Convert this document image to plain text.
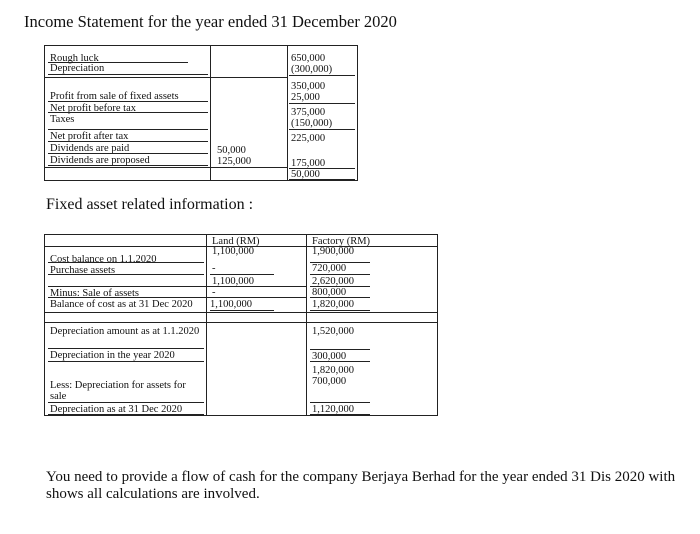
Income Statement for the year ended 31 December 2020
Rough luck
Depreciation
Profit from sale of fixed assets
Net profit before tax
Taxes
Net profit after tax
Dividends are paid
Dividends are proposed
50,000
125,000
650,000
(300,000)
350,000
25,000
375,000
(150,000)
225,000
175,000
50,000
Fixed asset related information :
Land (RM)	Factory (RM)
Cost balance on 1.1.2020
Purchase assets
Minus: Sale of assets
Balance of cost as at 31 Dec 2020
1,100,000
-
1,100,000
-
1,100,000
1,900,000
720,000
2,620,000
800,000
1,820,000
Depreciation amount as at 1.1.2020
Depreciation in the year 2020
Less: Depreciation for assets for sale
Depreciation as at 31 Dec 2020
1,520,000
300,000
1,820,000
700,000
1,120,000
You need to provide a flow of cash for the company Berjaya Berhad for the year ended 31 Dis 2020 with shows all calculations are involved.
